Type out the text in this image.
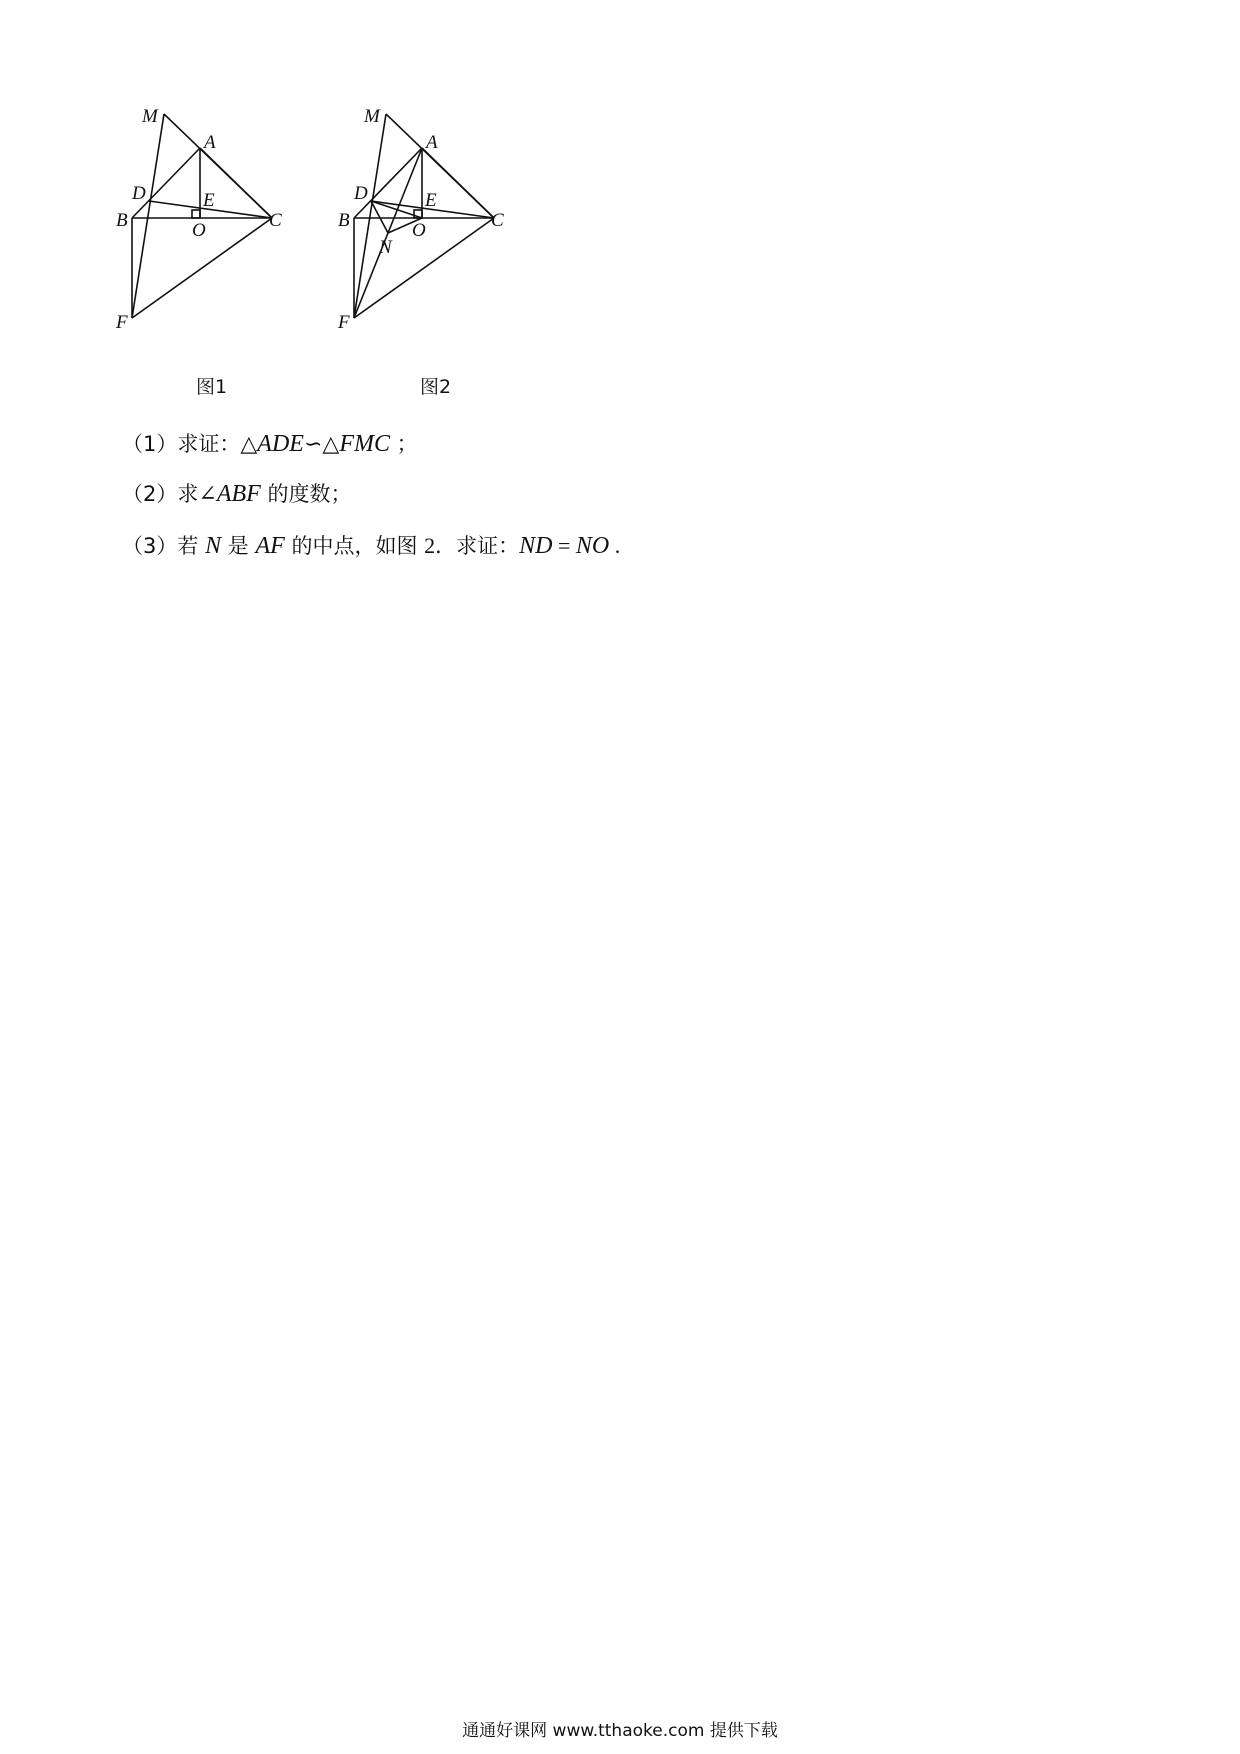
M
A
D	E
B	O	C
F
图1
M
A
D	E
B	O	C
F
N
图2
（1）求证：△ADE∽△FMC ；
（2）求∠ABF 的度数；
（3）若 N 是 AF 的中点，如图 2．求证：ND = NO .
通通好课网 www.tthaoke.com 提供下载
